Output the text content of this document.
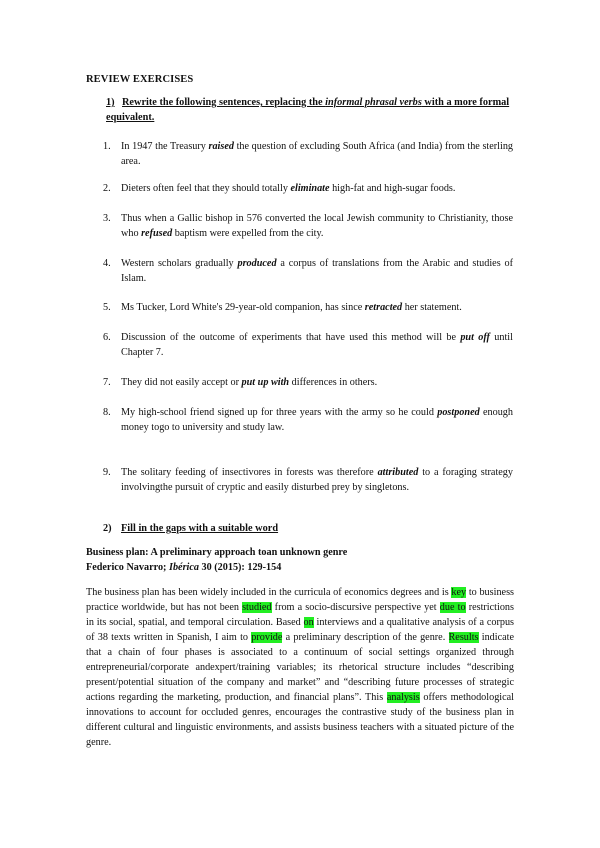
REVIEW EXERCISES
1) Rewrite the following sentences, replacing the informal phrasal verbs with a more formal equivalent.
1. In 1947 the Treasury raised the question of excluding South Africa (and India) from the sterling area.
2. Dieters often feel that they should totally eliminate high-fat and high-sugar foods.
3. Thus when a Gallic bishop in 576 converted the local Jewish community to Christianity, those who refused baptism were expelled from the city.
4. Western scholars gradually produced a corpus of translations from the Arabic and studies of Islam.
5. Ms Tucker, Lord White's 29-year-old companion, has since retracted her statement.
6. Discussion of the outcome of experiments that have used this method will be put off until Chapter 7.
7. They did not easily accept or put up with differences in others.
8. My high-school friend signed up for three years with the army so he could postponed enough money togo to university and study law.
9. The solitary feeding of insectivores in forests was therefore attributed to a foraging strategy involvingthe pursuit of cryptic and easily disturbed prey by singletons.
2) Fill in the gaps with a suitable word
Business plan: A preliminary approach toan unknown genre
Federico Navarro; Ibérica 30 (2015): 129-154
The business plan has been widely included in the curricula of economics degrees and is key to business practice worldwide, but has not been studied from a socio-discursive perspective yet due to restrictions in its social, spatial, and temporal circulation. Based on interviews and a qualitative analysis of a corpus of 38 texts written in Spanish, I aim to provide a preliminary description of the genre. Results indicate that a chain of four phases is associated to a continuum of social settings organized through entrepreneurial/corporate andexpert/training variables; its rhetorical structure includes “describing present/potential situation of the company and market” and “describing future processes of strategic actions regarding the marketing, production, and financial plans”. This analysis offers methodological innovations to account for occluded genres, encourages the contrastive study of the business plan in different cultural and linguistic environments, and assists business teachers with a situated picture of the genre.
